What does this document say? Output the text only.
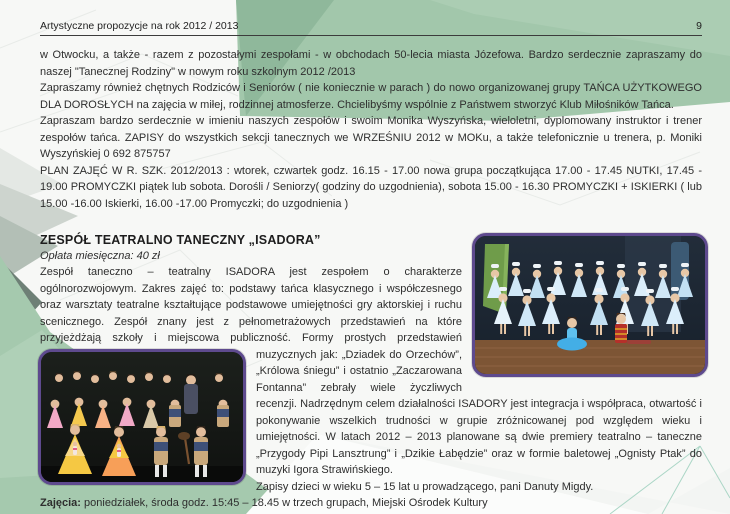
Artystyczne propozycje na rok 2012 / 2013	9

w Otwocku, a także - razem z pozostałymi zespołami - w obchodach 50-lecia miasta Józefowa. Bardzo serdecznie zapraszamy do naszej "Tanecznej Rodziny" w nowym roku szkolnym 2012 /2013

Zapraszamy również chętnych Rodziców i Seniorów ( nie koniecznie w parach ) do nowo organizowanej grupy TAŃCA UŻYTKOWEGO DLA DOROSŁYCH na zajęcia w miłej, rodzinnej atmosferze. Chcielibyśmy wspólnie z Państwem stworzyć Klub Miłośników Tańca.

Zapraszam bardzo serdecznie w imieniu naszych zespołów i swoim Monika Wyszyńska, wieloletni, dyplomowany instruktor i trener zespołów tańca. ZAPISY do wszystkich sekcji tanecznych we WRZEŚNIU 2012 w MOKu, a także telefonicznie u trenera, p. Moniki Wyszyńskiej 0 692 875757

PLAN ZAJĘĆ W R. SZK. 2012/2013 : wtorek, czwartek godz. 16.15 - 17.00 nowa grupa początkująca 17.00 - 17.45 NUTKI, 17.45 - 19.00 PROMYCZKI piątek lub sobota. Dorośli / Seniorzy( godziny do uzgodnienia), sobota 15.00 - 16.30 PROMYCZKI + ISKIERKI ( lub 15.00 -16.00 Iskierki, 16.00 -17.00 Promyczki; do uzgodnienia )

ZESPÓŁ TEATRALNO TANECZNY „ISADORA”

Opłata miesięczna: 40 zł

Zespół taneczno – teatralny ISADORA jest zespołem o charakterze ogólnorozwojowym. Zakres zajęć to: podstawy tańca klasycznego i współczesnego oraz warsztaty teatralne kształtujące podstawowe umiejętności gry aktorskiej i ruchu scenicznego. Zespół znany jest z pełnometrażowych przedstawień na które przyjeżdżają szkoły i miejscowa publiczność. Formy prostych przedstawień
muzycznych jak: „Dziadek do Orzechów”, „Królowa śniegu” i ostatnio „Zaczarowana Fontanna” zebrały wiele życzliwych recenzji. Nadrzędnym celem działalności ISADORY jest integracja i współpraca, otwartość i pokonywanie wszelkich trudności w grupie zróżnicowanej pod względem wieku i umiejętności. W latach 2012 – 2013 planowane są dwie premiery teatralno – taneczne „Przygody Pipi Lansztrung” i „Dzikie Łabędzie” oraz w formie baletowej „Ognisty Ptak” do muzyki Igora Strawińskiego.

Zapisy dzieci w wieku 5 – 15 lat u prowadzącego, pani Danuty Migdy.

Zajęcia: poniedziałek, środa godz. 15:45 – 18.45 w trzech grupach, Miejski Ośrodek Kultury
